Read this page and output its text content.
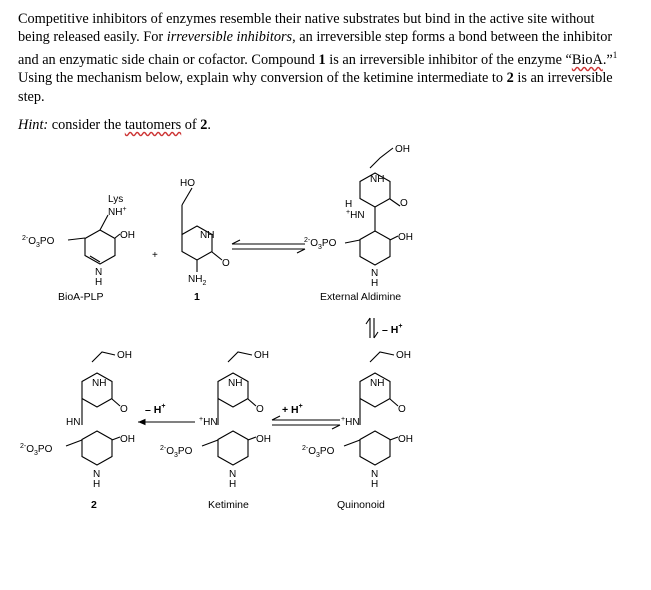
Competitive inhibitors of enzymes resemble their native substrates but bind in the active site without being released easily. For irreversible inhibitors, an irreversible step forms a bond between the inhibitor and an enzymatic side chain or cofactor. Compound 1 is an irreversible inhibitor of the enzyme “BioA.”$^1$ Using the mechanism below, explain why conversion of the ketimine intermediate to 2 is an irreversible step.
Hint: consider the tautomers of 2.
Lys
NH+
OH
$^{2-}O_3PO$
N
H
BioA-PLP
+
HO
NH
O
$NH_2$
1
OH
NH
O
H
+HN
OH
$^{2-}O_3PO$
N
H
External Aldimine
– H+
OH
NH
O
HN
OH
$^{2-}O_3PO$
N
H
2
– H+
OH
NH
O
+HN
OH
$^{2-}O_3PO$
N
H
Ketimine
+ H+
OH
NH
O
+HN
OH
$^{2-}O_3PO$
N
H
Quinonoid
